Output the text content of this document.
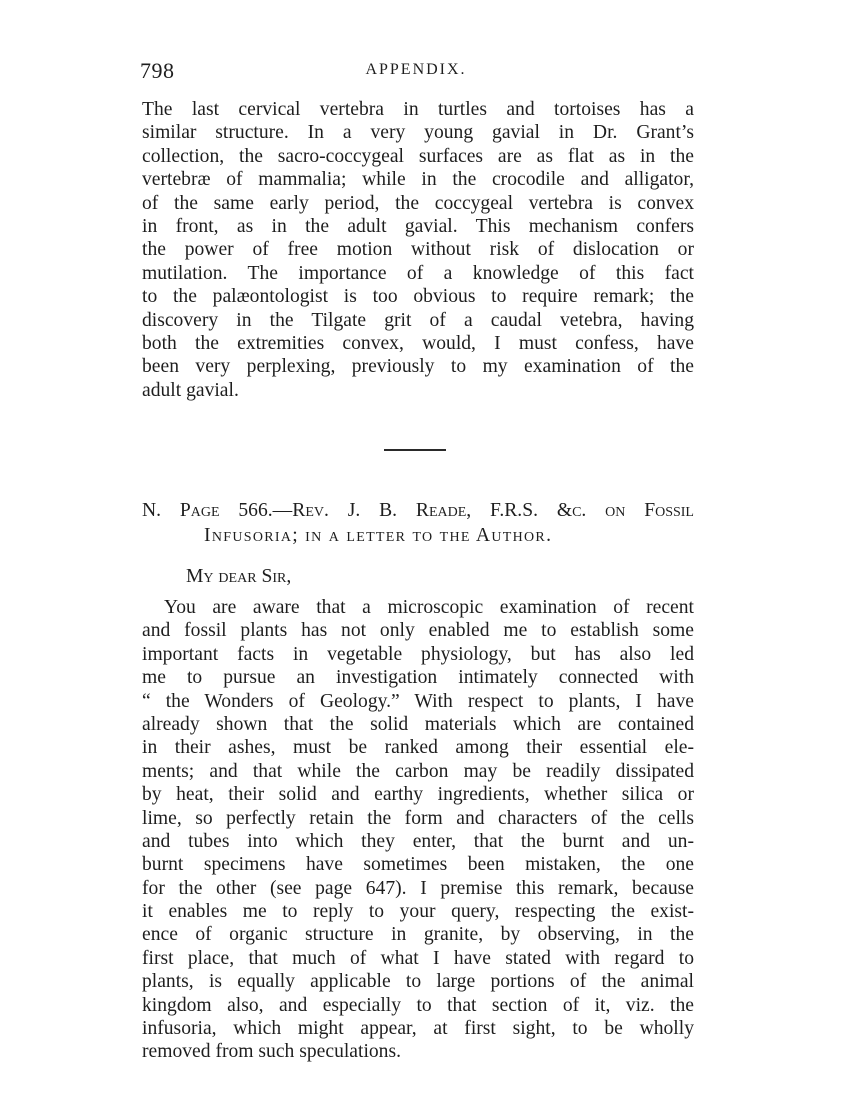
798	APPENDIX.
The last cervical vertebra in turtles and tortoises has a
similar structure. In a very young gavial in Dr. Grant’s
collection, the sacro-coccygeal surfaces are as flat as in the
vertebræ of mammalia; while in the crocodile and alligator,
of the same early period, the coccygeal vertebra is convex
in front, as in the adult gavial. This mechanism confers
the power of free motion without risk of dislocation or
mutilation. The importance of a knowledge of this fact
to the palæontologist is too obvious to require remark; the
discovery in the Tilgate grit of a caudal vetebra, having
both the extremities convex, would, I must confess, have
been very perplexing, previously to my examination of the
adult gavial.
N. Page 566.—Rev. J. B. Reade, F.R.S. &c. on Fossil
Infusoria; in a letter to the Author.
My dear Sir,
You are aware that a microscopic examination of recent
and fossil plants has not only enabled me to establish some
important facts in vegetable physiology, but has also led
me to pursue an investigation intimately connected with
“ the Wonders of Geology.” With respect to plants, I have
already shown that the solid materials which are contained
in their ashes, must be ranked among their essential ele-
ments; and that while the carbon may be readily dissipated
by heat, their solid and earthy ingredients, whether silica or
lime, so perfectly retain the form and characters of the cells
and tubes into which they enter, that the burnt and un-
burnt specimens have sometimes been mistaken, the one
for the other (see page 647). I premise this remark, because
it enables me to reply to your query, respecting the exist-
ence of organic structure in granite, by observing, in the
first place, that much of what I have stated with regard to
plants, is equally applicable to large portions of the animal
kingdom also, and especially to that section of it, viz. the
infusoria, which might appear, at first sight, to be wholly
removed from such speculations.
